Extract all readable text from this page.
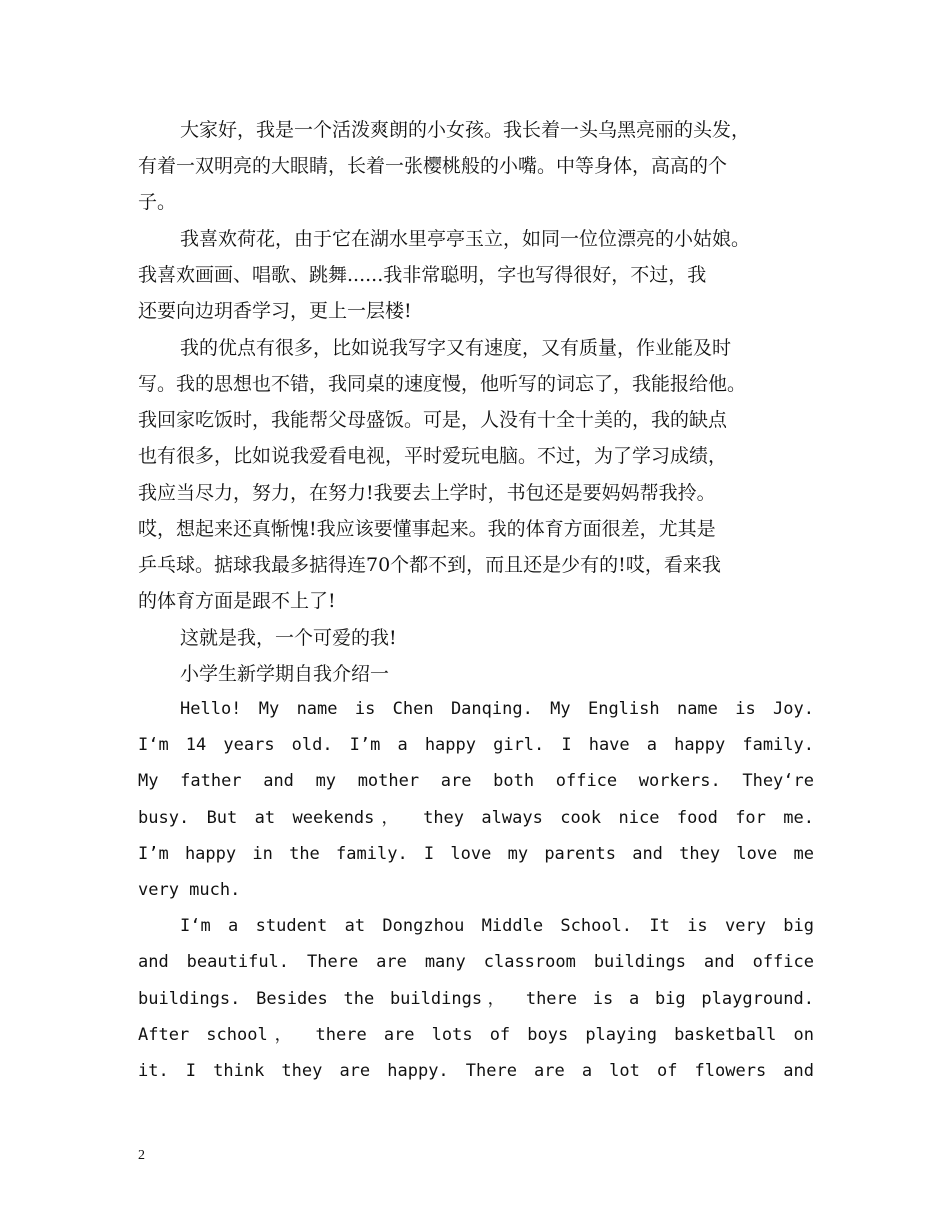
大家好，我是一个活泼爽朗的小女孩。我长着一头乌黑亮丽的头发，
有着一双明亮的大眼睛，长着一张樱桃般的小嘴。中等身体，高高的个
子。
我喜欢荷花，由于它在湖水里亭亭玉立，如同一位位漂亮的小姑娘。
我喜欢画画、唱歌、跳舞......我非常聪明，字也写得很好，不过，我
还要向边玥香学习，更上一层楼!
我的优点有很多，比如说我写字又有速度，又有质量，作业能及时
写。我的思想也不错，我同桌的速度慢，他听写的词忘了，我能报给他。
我回家吃饭时，我能帮父母盛饭。可是，人没有十全十美的，我的缺点
也有很多，比如说我爱看电视，平时爱玩电脑。不过，为了学习成绩，
我应当尽力，努力，在努力!我要去上学时，书包还是要妈妈帮我拎。
哎，想起来还真惭愧!我应该要懂事起来。我的体育方面很差，尤其是
乒乓球。掂球我最多掂得连70个都不到，而且还是少有的!哎，看来我
的体育方面是跟不上了!
这就是我，一个可爱的我!
小学生新学期自我介绍一
Hello! My name is Chen Danqing. My English name is Joy.
I‘m 14 years old. I’m a happy girl. I have a happy family.
My father and my mother are both office workers. They‘re
busy. But at weekends， they always cook nice food for me.
I’m happy in the family. I love my parents and they love me
very much.
I‘m a student at Dongzhou Middle School. It is very big
and beautiful. There are many classroom buildings and office
buildings. Besides the buildings， there is a big playground.
After school， there are lots of boys playing basketball on
it. I think they are happy. There are a lot of flowers and
2
